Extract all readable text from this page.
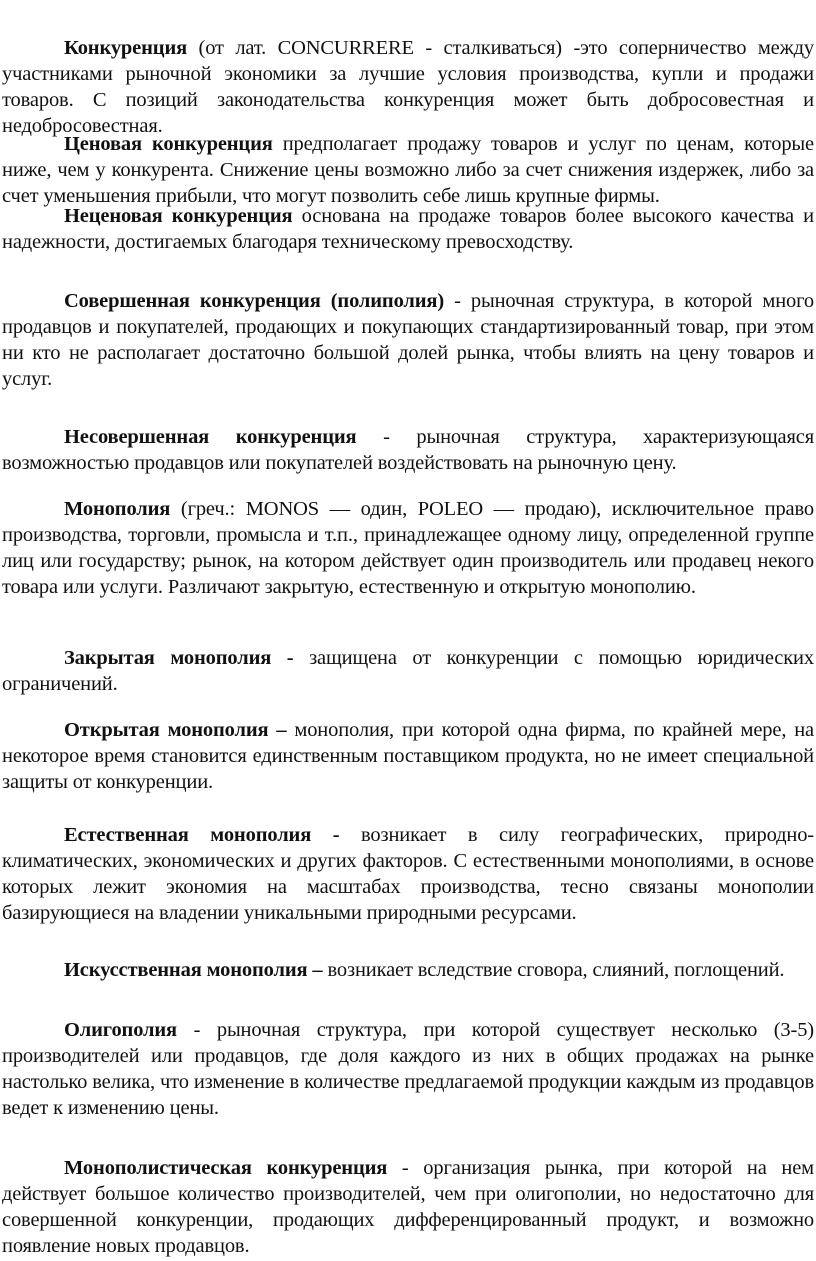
Конкуренция (от лат. CONCURRERE - сталкиваться) -это соперничество между участниками рыночной экономики за лучшие условия производства, купли и продажи товаров. С позиций законодательства конкуренция может быть добросовестная и недобросовестная.

Ценовая конкуренция предполагает продажу товаров и услуг по ценам, которые ниже, чем у конкурента. Снижение цены возможно либо за счет снижения издержек, либо за счет уменьшения прибыли, что могут позволить себе лишь крупные фирмы.

Неценовая конкуренция основана на продаже товаров более высокого качества и надежности, достигаемых благодаря техническому превосходству.

Совершенная конкуренция (полиполия) - рыночная структура, в которой много продавцов и покупателей, продающих и покупающих стандартизированный товар, при этом ни кто не располагает достаточно большой долей рынка, чтобы влиять на цену товаров и услуг.

Несовершенная конкуренция - рыночная структура, характеризующаяся возможностью продавцов или покупателей воздействовать на рыночную цену.

Монополия (греч.: MONOS — один, POLEO — продаю), исключительное право производства, торговли, промысла и т.п., принадлежащее одному лицу, определенной группе лиц или государству; рынок, на котором действует один производитель или продавец некого товара или услуги. Различают закрытую, естественную и открытую монополию.

Закрытая монополия - защищена от конкуренции с помощью юридических ограничений.

Открытая монополия – монополия, при которой одна фирма, по крайней мере, на некоторое время становится единственным поставщиком продукта, но не имеет специальной защиты от конкуренции.

Естественная монополия - возникает в силу географических, природно-климатических, экономических и других факторов. С естественными монополиями, в основе которых лежит экономия на масштабах производства, тесно связаны монополии базирующиеся на владении уникальными природными ресурсами.

Искусственная монополия – возникает вследствие сговора, слияний, поглощений.

Олигополия - рыночная структура, при которой существует несколько (3-5) производителей или продавцов, где доля каждого из них в общих продажах на рынке настолько велика, что изменение в количестве предлагаемой продукции каждым из продавцов ведет к изменению цены.

Монополистическая конкуренция - организация рынка, при которой на нем действует большое количество производителей, чем при олигополии, но недостаточно для совершенной конкуренции, продающих дифференцированный продукт, и возможно появление новых продавцов.
